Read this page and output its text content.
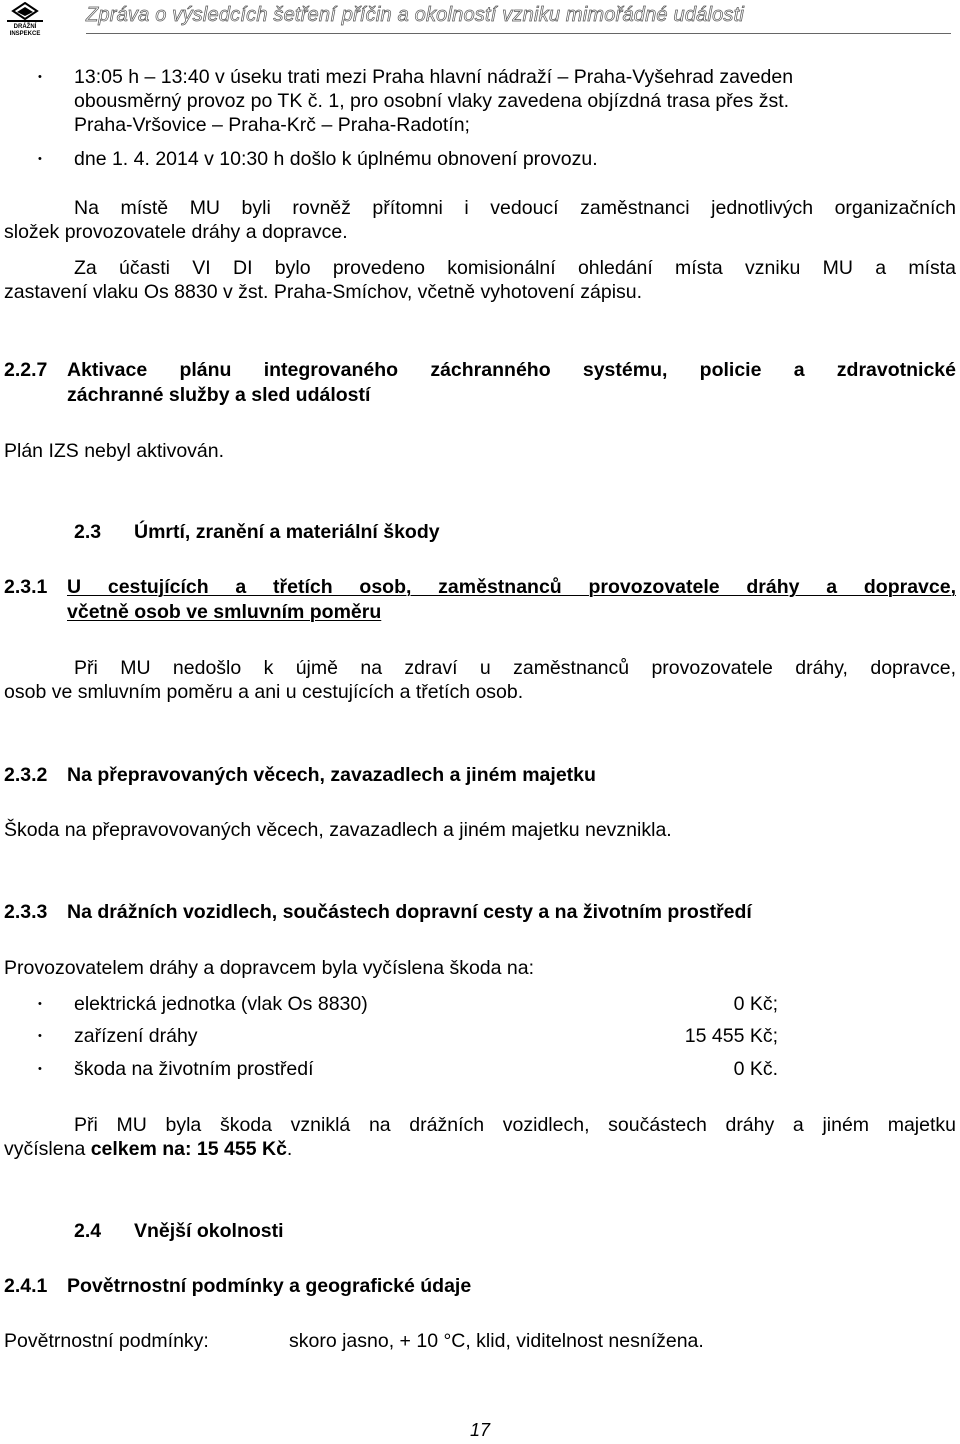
DRÁŽNÍ
INSPEKCE
Zpráva o výsledcích šetření příčin a okolností vzniku mimořádné události
• 13:05 h – 13:40 v úseku trati mezi Praha hlavní nádraží – Praha-Vyšehrad zaveden

obousměrný provoz po TK č. 1, pro osobní vlaky zavedena objízdná trasa přes žst.

Praha-Vršovice – Praha-Krč – Praha-Radotín;

• dne 1. 4. 2014 v 10:30 h došlo k úplnému obnovení provozu.

Na místě MU byli rovněž přítomni i vedoucí zaměstnanci jednotlivých organizačních

složek provozovatele dráhy a dopravce.

Za účasti VI DI bylo provedeno komisionální ohledání místa vzniku MU a místa

zastavení vlaku Os 8830 v žst. Praha-Smíchov, včetně vyhotovení zápisu.

2.2.7 Aktivace plánu integrovaného záchranného systému, policie a zdravotnické

záchranné služby a sled událostí

Plán IZS nebyl aktivován.

2.3 Úmrtí, zranění a materiální škody

2.3.1 U cestujících a třetích osob, zaměstnanců provozovatele dráhy a dopravce,

včetně osob ve smluvním poměru

Při MU nedošlo k újmě na zdraví u zaměstnanců provozovatele dráhy, dopravce,

osob ve smluvním poměru a ani u cestujících a třetích osob.

2.3.2 Na přepravovaných věcech, zavazadlech a jiném majetku

Škoda na přepravovovaných věcech, zavazadlech a jiném majetku nevznikla.

2.3.3 Na drážních vozidlech, součástech dopravní cesty a na životním prostředí

Provozovatelem dráhy a dopravcem byla vyčíslena škoda na:

• elektrická jednotka (vlak Os 8830)	0 Kč;

• zařízení dráhy	15 455 Kč;

• škoda na životním prostředí	0 Kč.

Při MU byla škoda vzniklá na drážních vozidlech, součástech dráhy a jiném majetku

vyčíslena celkem na: 15 455 Kč.

2.4 Vnější okolnosti

2.4.1 Povětrnostní podmínky a geografické údaje

Povětrnostní podmínky:	skoro jasno, + 10 °C, klid, viditelnost nesnížena.

17
